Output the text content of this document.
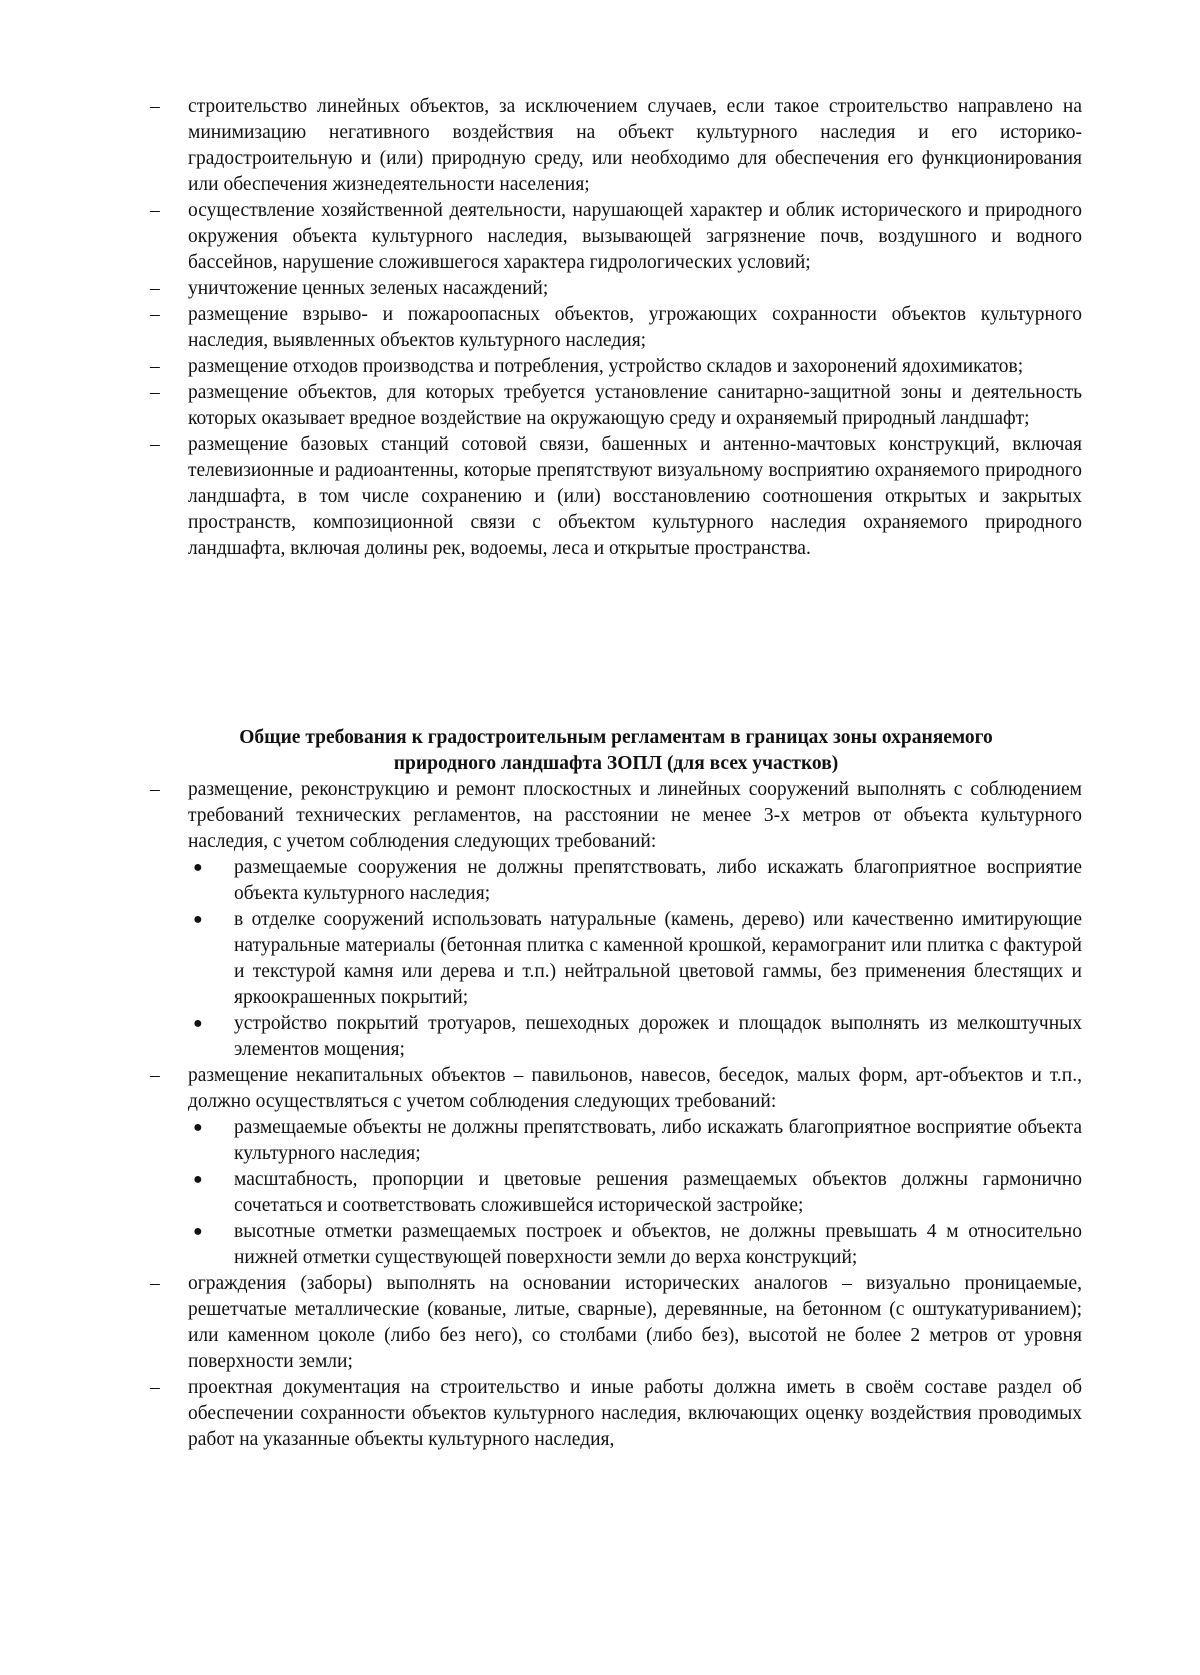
–	строительство линейных объектов, за исключением случаев, если такое строительство направлено на минимизацию негативного воздействия на объект культурного наследия и его историко-градостроительную и (или) природную среду, или необходимо для обеспечения его функционирования или обеспечения жизнедеятельности населения;
–	осуществление хозяйственной деятельности, нарушающей характер и облик исторического и природного окружения объекта культурного наследия, вызывающей загрязнение почв, воздушного и водного бассейнов, нарушение сложившегося характера гидрологических условий;
–	уничтожение ценных зеленых насаждений;
–	размещение взрыво- и пожароопасных объектов, угрожающих сохранности объектов культурного наследия, выявленных объектов культурного наследия;
–	размещение отходов производства и потребления, устройство складов и захоронений ядохимикатов;
–	размещение объектов, для которых требуется установление санитарно-защитной зоны и деятельность которых оказывает вредное воздействие на окружающую среду и охраняемый природный ландшафт;
–	размещение базовых станций сотовой связи, башенных и антенно-мачтовых конструкций, включая телевизионные и радиоантенны, которые препятствуют визуальному восприятию охраняемого природного ландшафта, в том числе сохранению и (или) восстановлению соотношения открытых и закрытых пространств, композиционной связи с объектом культурного наследия охраняемого природного ландшафта, включая долины рек, водоемы, леса и открытые пространства.
Общие требования к градостроительным регламентам в границах зоны охраняемого
природного ландшафта ЗОПЛ (для всех участков)
–	размещение, реконструкцию и ремонт плоскостных и линейных сооружений выполнять с соблюдением требований технических регламентов, на расстоянии не менее 3-х метров от объекта культурного наследия, с учетом соблюдения следующих требований:
●	размещаемые сооружения не должны препятствовать, либо искажать благоприятное восприятие объекта культурного наследия;
●	в отделке сооружений использовать натуральные (камень, дерево) или качественно имитирующие натуральные материалы (бетонная плитка с каменной крошкой, керамогранит или плитка с фактурой и текстурой камня или дерева и т.п.) нейтральной цветовой гаммы, без применения блестящих и яркоокрашенных покрытий;
●	устройство покрытий тротуаров, пешеходных дорожек и площадок выполнять из мелкоштучных элементов мощения;
–	размещение некапитальных объектов – павильонов, навесов, беседок, малых форм, арт-объектов и т.п., должно осуществляться с учетом соблюдения следующих требований:
●	размещаемые объекты не должны препятствовать, либо искажать благоприятное восприятие объекта культурного наследия;
●	масштабность, пропорции и цветовые решения размещаемых объектов должны гармонично сочетаться и соответствовать сложившейся исторической застройке;
●	высотные отметки размещаемых построек и объектов, не должны превышать 4 м относительно нижней отметки существующей поверхности земли до верха конструкций;
–	ограждения (заборы) выполнять на основании исторических аналогов – визуально проницаемые, решетчатые металлические (кованые, литые, сварные), деревянные, на бетонном (с оштукатуриванием); или каменном цоколе (либо без него), со столбами (либо без), высотой не более 2 метров от уровня поверхности земли;
–	проектная документация на строительство и иные работы должна иметь в своём составе раздел об обеспечении сохранности объектов культурного наследия, включающих оценку воздействия проводимых работ на указанные объекты культурного наследия,
